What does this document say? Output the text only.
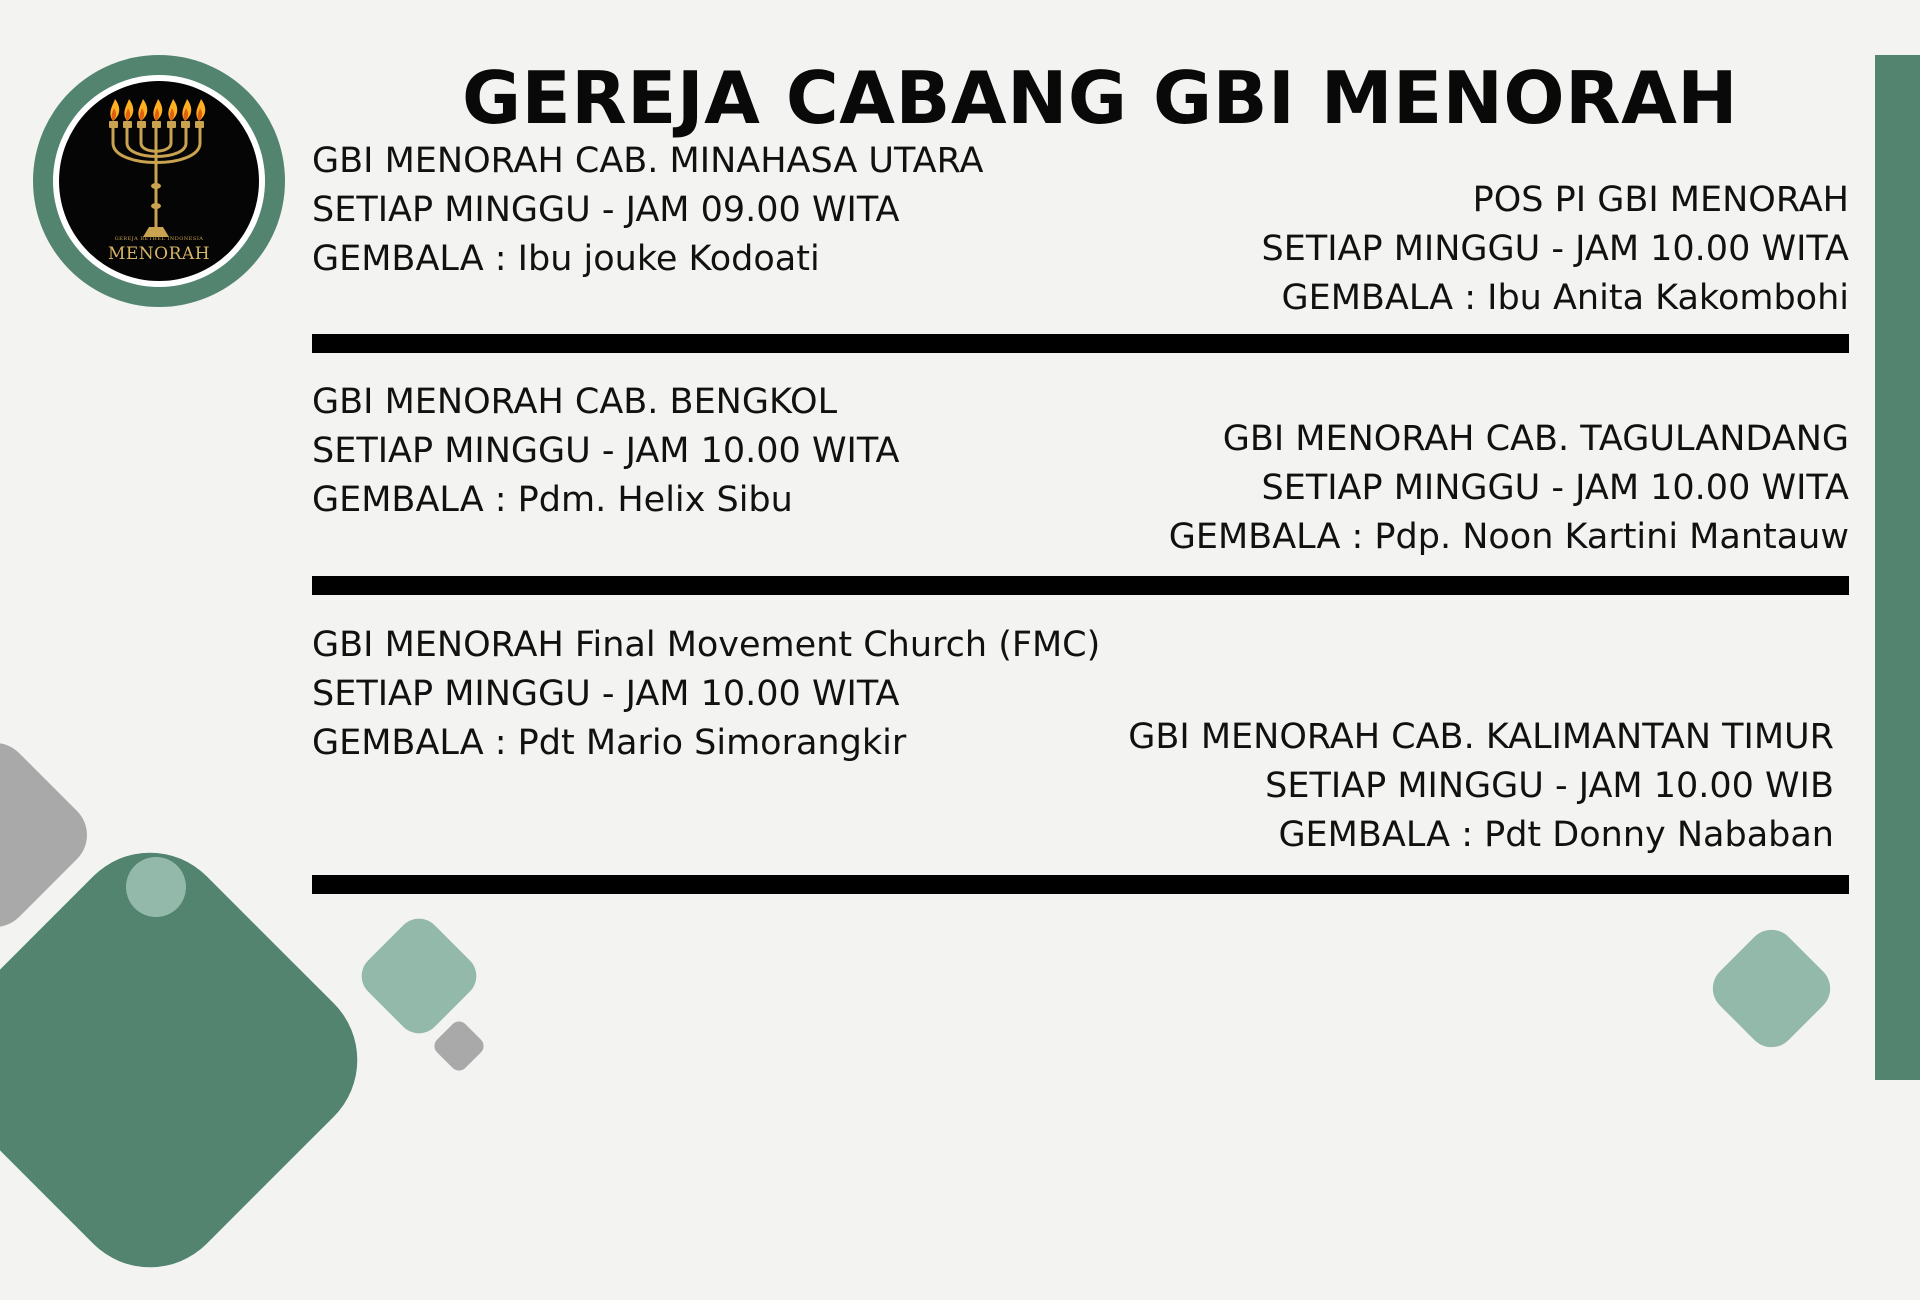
GEREJA BETHEL INDONESIA
MENORAH
GEREJA CABANG GBI MENORAH
GBI MENORAH CAB. MINAHASA UTARA
SETIAP MINGGU - JAM 09.00 WITA
GEMBALA : Ibu jouke Kodoati
POS PI GBI MENORAH
SETIAP MINGGU - JAM 10.00 WITA
GEMBALA : Ibu Anita Kakombohi
GBI MENORAH CAB. BENGKOL
SETIAP MINGGU - JAM 10.00 WITA
GEMBALA : Pdm. Helix Sibu
GBI MENORAH CAB. TAGULANDANG
SETIAP MINGGU - JAM 10.00 WITA
GEMBALA : Pdp. Noon Kartini Mantauw
GBI MENORAH Final Movement Church (FMC)
SETIAP MINGGU - JAM 10.00 WITA
GEMBALA : Pdt Mario Simorangkir	GBI MENORAH CAB. KALIMANTAN TIMUR
SETIAP MINGGU - JAM 10.00 WIB
GEMBALA : Pdt Donny Nababan
